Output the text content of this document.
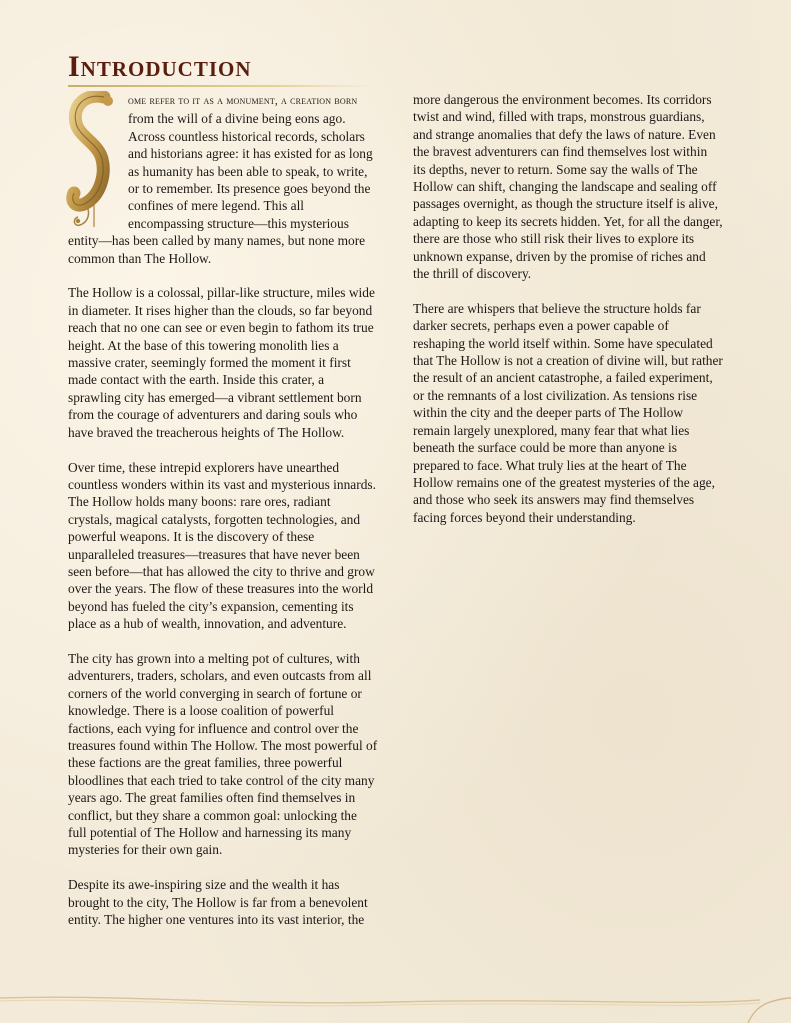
Introduction

ome refer to it as a monument, a creation born from the will of a divine being eons ago. Across countless historical records, scholars and historians agree: it has existed for as long as humanity has been able to speak, to write, or to remember. Its presence goes beyond the confines of mere legend. This all encompassing structure—this mysterious entity—has been called by many names, but none more common than The Hollow.

The Hollow is a colossal, pillar-like structure, miles wide in diameter. It rises higher than the clouds, so far beyond reach that no one can see or even begin to fathom its true height. At the base of this towering monolith lies a massive crater, seemingly formed the moment it first made contact with the earth. Inside this crater, a sprawling city has emerged—a vibrant settlement born from the courage of adventurers and daring souls who have braved the treacherous heights of The Hollow.

Over time, these intrepid explorers have unearthed countless wonders within its vast and mysterious innards. The Hollow holds many boons: rare ores, radiant crystals, magical catalysts, forgotten technologies, and powerful weapons. It is the discovery of these unparalleled treasures—treasures that have never been seen before—that has allowed the city to thrive and grow over the years. The flow of these treasures into the world beyond has fueled the city’s expansion, cementing its place as a hub of wealth, innovation, and adventure.

The city has grown into a melting pot of cultures, with adventurers, traders, scholars, and even outcasts from all corners of the world converging in search of fortune or knowledge. There is a loose coalition of powerful factions, each vying for influence and control over the treasures found within The Hollow. The most powerful of these factions are the great families, three powerful bloodlines that each tried to take control of the city many years ago. The great families often find themselves in conflict, but they share a common goal: unlocking the full potential of The Hollow and harnessing its many mysteries for their own gain.

Despite its awe-inspiring size and the wealth it has brought to the city, The Hollow is far from a benevolent entity. The higher one ventures into its vast interior, the

more dangerous the environment becomes. Its corridors twist and wind, filled with traps, monstrous guardians, and strange anomalies that defy the laws of nature. Even the bravest adventurers can find themselves lost within its depths, never to return. Some say the walls of The Hollow can shift, changing the landscape and sealing off passages overnight, as though the structure itself is alive, adapting to keep its secrets hidden. Yet, for all the danger, there are those who still risk their lives to explore its unknown expanse, driven by the promise of riches and the thrill of discovery.

There are whispers that believe the structure holds far darker secrets, perhaps even a power capable of reshaping the world itself within. Some have speculated that The Hollow is not a creation of divine will, but rather the result of an ancient catastrophe, a failed experiment, or the remnants of a lost civilization. As tensions rise within the city and the deeper parts of The Hollow remain largely unexplored, many fear that what lies beneath the surface could be more than anyone is prepared to face. What truly lies at the heart of The Hollow remains one of the greatest mysteries of the age, and those who seek its answers may find themselves facing forces beyond their understanding.
